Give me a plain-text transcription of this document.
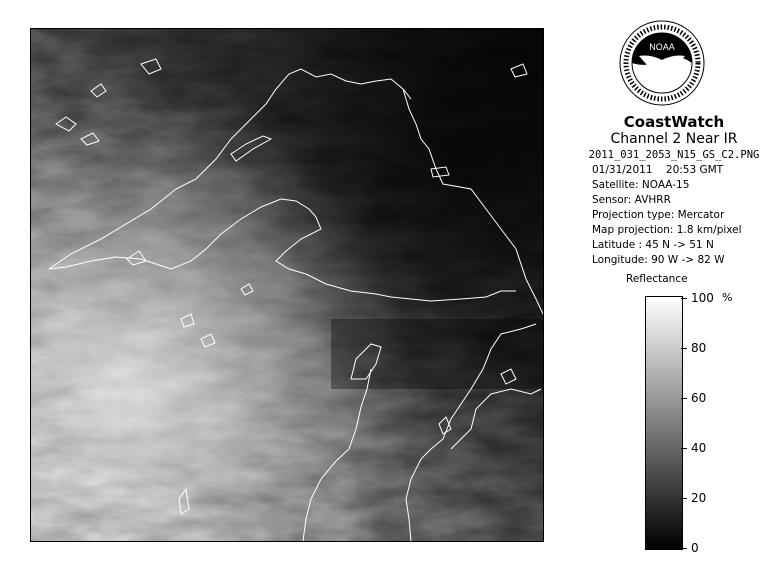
NOAA
CoastWatch
Channel 2 Near IR
2011_031_2053_N15_GS_C2.PNG
01/31/2011 20:53 GMT
Satellite: NOAA-15
Sensor: AVHRR
Projection type: Mercator
Map projection: 1.8 km/pixel
Latitude : 45 N -> 51 N
Longitude: 90 W -> 82 W
Reflectance
%
100
80
60
40
20
0
